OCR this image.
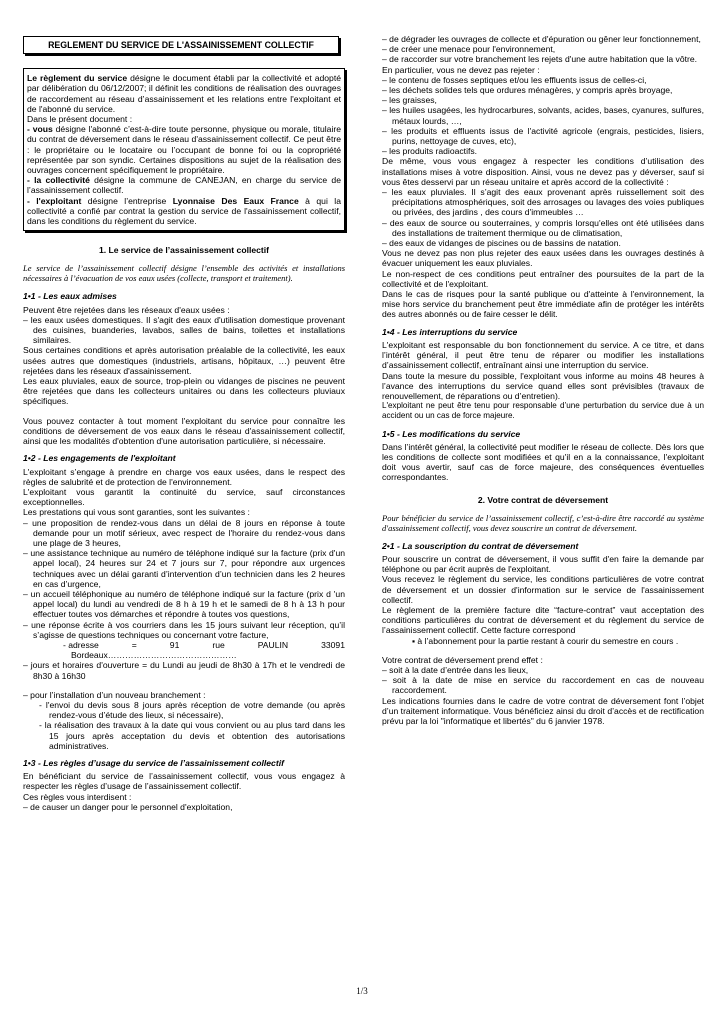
REGLEMENT DU SERVICE DE L'ASSAINISSEMENT COLLECTIF

Le règlement du service désigne le document établi par la collectivité et adopté par délibération du 06/12/2007; il définit les conditions de réalisation des ouvrages de raccordement au réseau d’assainissement et les relations entre l'exploitant et de l'abonné du service.

Dans le présent document :

- vous désigne l'abonné c’est-à-dire toute personne, physique ou morale, titulaire du contrat de déversement dans le réseau d'assainissement collectif. Ce peut être : le propriétaire ou le locataire ou l’occupant de bonne foi ou la copropriété représentée par son syndic. Certaines dispositions au sujet de la réalisation des ouvrages concernent spécifiquement le propriétaire.

- la collectivité désigne la commune de CANEJAN, en charge du service de l’assainissement collectif.

- l'exploitant désigne l’entreprise Lyonnaise Des Eaux France à qui la collectivité a confié par contrat la gestion du service de l'assainissement collectif, dans les conditions du règlement du service.

1. Le service de l’assainissement collectif
Le service de l’assainissement collectif désigne l’ensemble des activités et installations nécessaires à l’évacuation de vos eaux usées (collecte, transport et traitement).
1•1 - Les eaux admises

Peuvent être rejetées dans les réseaux d'eaux usées :

– les eaux usées domestiques. Il s'agit des eaux d'utilisation domestique provenant des cuisines, buanderies, lavabos, salles de bains, toilettes et installations similaires.

Sous certaines conditions et après autorisation préalable de la collectivité, les eaux usées autres que domestiques (industriels, artisans, hôpitaux, …) peuvent être rejetées dans les réseaux d'assainissement.

Les eaux pluviales, eaux de source, trop-plein ou vidanges de piscines ne peuvent être rejetées que dans les collecteurs unitaires ou dans les collecteurs pluviaux spécifiques.

Vous pouvez contacter à tout moment l'exploitant du service pour connaître les conditions de déversement de vos eaux dans le réseau d'assainissement collectif, ainsi que les modalités d'obtention d'une autorisation particulière, si nécessaire.

1•2 - Les engagements de l'exploitant

L'exploitant s’engage à prendre en charge vos eaux usées, dans le respect des règles de salubrité et de protection de l'environnement.

L'exploitant vous garantit la continuité du service, sauf circonstances exceptionnelles.

Les prestations qui vous sont garanties, sont les suivantes :

– une proposition de rendez-vous dans un délai de 8 jours en réponse à toute demande pour un motif sérieux, avec respect de l'horaire du rendez-vous dans une plage de 3 heures,

– une assistance technique au numéro de téléphone indiqué sur la facture (prix d'un appel local), 24 heures sur 24 et 7 jours sur 7, pour répondre aux urgences techniques avec un délai garanti d’intervention d’un technicien dans les 2 heures en cas d’urgence,

– un accueil téléphonique au numéro de téléphone indiqué sur la facture (prix d 'un appel local) du lundi au vendredi de 8 h à 19 h et le samedi de 8 h à 13 h pour effectuer toutes vos démarches et répondre à toutes vos questions,

– une réponse écrite à vos courriers dans les 15 jours suivant leur réception, qu’il s’agisse de questions techniques ou concernant votre facture,

- adresse	=	91	rue	PAULIN	33091
Bordeaux………………………………………

– jours et horaires d'ouverture = du Lundi au jeudi de 8h30 à 17h et le vendredi de 8h30 à 16h30

– pour l’installation d’un nouveau branchement :

- l'envoi du devis sous 8 jours après réception de votre demande (ou après rendez-vous d’étude des lieux, si nécessaire),

- la réalisation des travaux à la date qui vous convient ou au plus tard dans les 15 jours après acceptation du devis et obtention des autorisations administratives.

1•3 - Les règles d’usage du service de l’assainissement collectif

En bénéficiant du service de l’assainissement collectif, vous vous engagez à respecter les règles d’usage de l’assainissement collectif.

Ces règles vous interdisent :

– de causer un danger pour le personnel d'exploitation,

– de dégrader les ouvrages de collecte et d'épuration ou gêner leur fonctionnement,

– de créer une menace pour l'environnement,

– de raccorder sur votre branchement les rejets d'une autre habitation que la vôtre.

En particulier, vous ne devez pas rejeter :

– le contenu de fosses septiques et/ou les effluents issus de celles-ci,

– les déchets solides tels que ordures ménagères, y compris après broyage,

– les graisses,

– les huiles usagées, les hydrocarbures, solvants, acides, bases, cyanures, sulfures, métaux lourds, …,

– les produits et effluents issus de l'activité agricole (engrais, pesticides, lisiers, purins, nettoyage de cuves, etc),

– les produits radioactifs.

De même, vous vous engagez à respecter les conditions d’utilisation des installations mises à votre disposition. Ainsi, vous ne devez pas y déverser, sauf si vous êtes desservi par un réseau unitaire et après accord de la collectivité :

– les eaux pluviales. Il s’agit des eaux provenant après ruissellement soit des précipitations atmosphériques, soit des arrosages ou lavages des voies publiques ou privées, des jardins , des cours d'immeubles …

– des eaux de source ou souterraines, y compris lorsqu'elles ont été utilisées dans des installations de traitement thermique ou de climatisation,

– des eaux de vidanges de piscines ou de bassins de natation.

Vous ne devez pas non plus rejeter des eaux usées dans les ouvrages destinés à évacuer uniquement les eaux pluviales.

Le non-respect de ces conditions peut entraîner des poursuites de la part de la collectivité et de l'exploitant.

Dans le cas de risques pour la santé publique ou d'atteinte à l'environnement, la mise hors service du branchement peut être immédiate afin de protéger les intérêts des autres abonnés ou de faire cesser le délit.

1•4 - Les interruptions du service

L'exploitant est responsable du bon fonctionnement du service. A ce titre, et dans l’intérêt général, il peut être tenu de réparer ou modifier les installations d’assainissement collectif, entraînant ainsi une interruption du service.

Dans toute la mesure du possible, l'exploitant vous informe au moins 48 heures à l’avance des interruptions du service quand elles sont prévisibles (travaux de renouvellement, de réparations ou d’entretien).

L'exploitant ne peut être tenu pour responsable d’une perturbation du service due à un accident ou un cas de force majeure.

1•5 - Les modifications du service

Dans l’intérêt général, la collectivité peut modifier le réseau de collecte. Dès lors que les conditions de collecte sont modifiées et qu'il en a la connaissance, l'exploitant doit vous avertir, sauf cas de force majeure, des conséquences éventuelles correspondantes.

2. Votre contrat de déversement
Pour bénéficier du service de l’assainissement collectif, c’est-à-dire être raccordé au système d'assainissement collectif, vous devez souscrire un contrat de déversement.
2•1 - La souscription du contrat de déversement

Pour souscrire un contrat de déversement, il vous suffit d'en faire la demande par téléphone ou par écrit auprès de l'exploitant.

Vous recevez le règlement du service, les conditions particulières de votre contrat de déversement et un dossier d'information sur le service de l'assainissement collectif.

Le règlement de la première facture dite “facture-contrat” vaut acceptation des conditions particulières du contrat de déversement et du règlement du service de l’assainissement collectif. Cette facture correspond

▪ à l’abonnement pour la partie restant à courir du semestre en cours .

Votre contrat de déversement prend effet :

– soit à la date d’entrée dans les lieux,

– soit à la date de mise en service du raccordement en cas de nouveau raccordement.

Les indications fournies dans le cadre de votre contrat de déversement font l’objet d’un traitement informatique. Vous bénéficiez ainsi du droit d’accès et de rectification prévu par la loi "informatique et libertés" du 6 janvier 1978.

1/3
